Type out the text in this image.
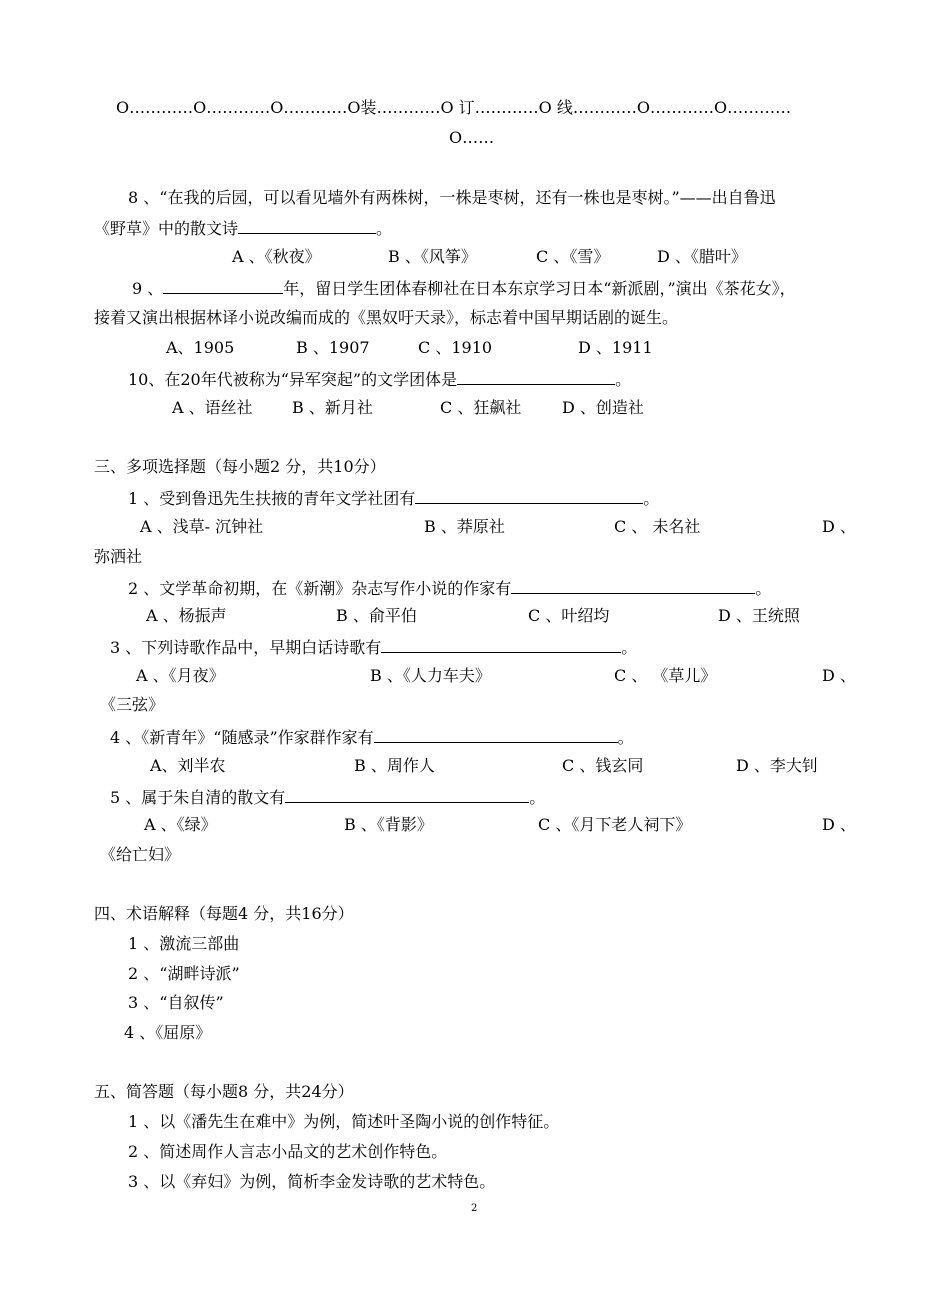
O…………O…………O…………O装…………O 订…………O 线…………O…………O…………
O……
8 、“在我的后园，可以看见墙外有两株树，一株是枣树，还有一株也是枣树。”——出自鲁迅
《野草》中的散文诗	。
A 、《秋夜》	B 、《风筝》	C 、《雪》	D 、《腊叶》
9 、	年，留日学生团体春柳社在日本东京学习日本“新派剧，”演出《茶花女》，
接着又演出根据林译小说改编而成的《黑奴吁天录》，标志着中国早期话剧的诞生。
A、1905	B 、1907	C 、1910	D 、1911
10、在20年代被称为“异军突起”的文学团体是	。
A 、语丝社 B 、新月社	C 、狂飙社	D 、创造社
三、多项选择题（每小题2 分，共10分）
1 、受到鲁迅先生扶掖的青年文学社团有	。
A 、浅草- 沉钟社	B 、莽原社	C 、 未名社	D 、
弥洒社
2 、文学革命初期，在《新潮》杂志写作小说的作家有	。
A 、杨振声	B 、俞平伯	C 、叶绍均	D 、王统照
3 、下列诗歌作品中，早期白话诗歌有	。
A 、《月夜》	B 、《人力车夫》	C 、 《草儿》	D 、
《三弦》
4 、《新青年》“随感录”作家群作家有	。
A、刘半农	B 、周作人	C 、钱玄同	D 、李大钊
5 、属于朱自清的散文有	。
A 、《绿》	B 、《背影》	C 、《月下老人祠下》	D 、
《给亡妇》
四、术语解释（每题4 分，共16分）
1 、激流三部曲
2 、“湖畔诗派”
3 、“自叙传”
4 、《屈原》
五、简答题（每小题8 分，共24分）
1 、以《潘先生在难中》为例，简述叶圣陶小说的创作特征。
2 、简述周作人言志小品文的艺术创作特色。
3 、以《弃妇》为例，简析李金发诗歌的艺术特色。
2
